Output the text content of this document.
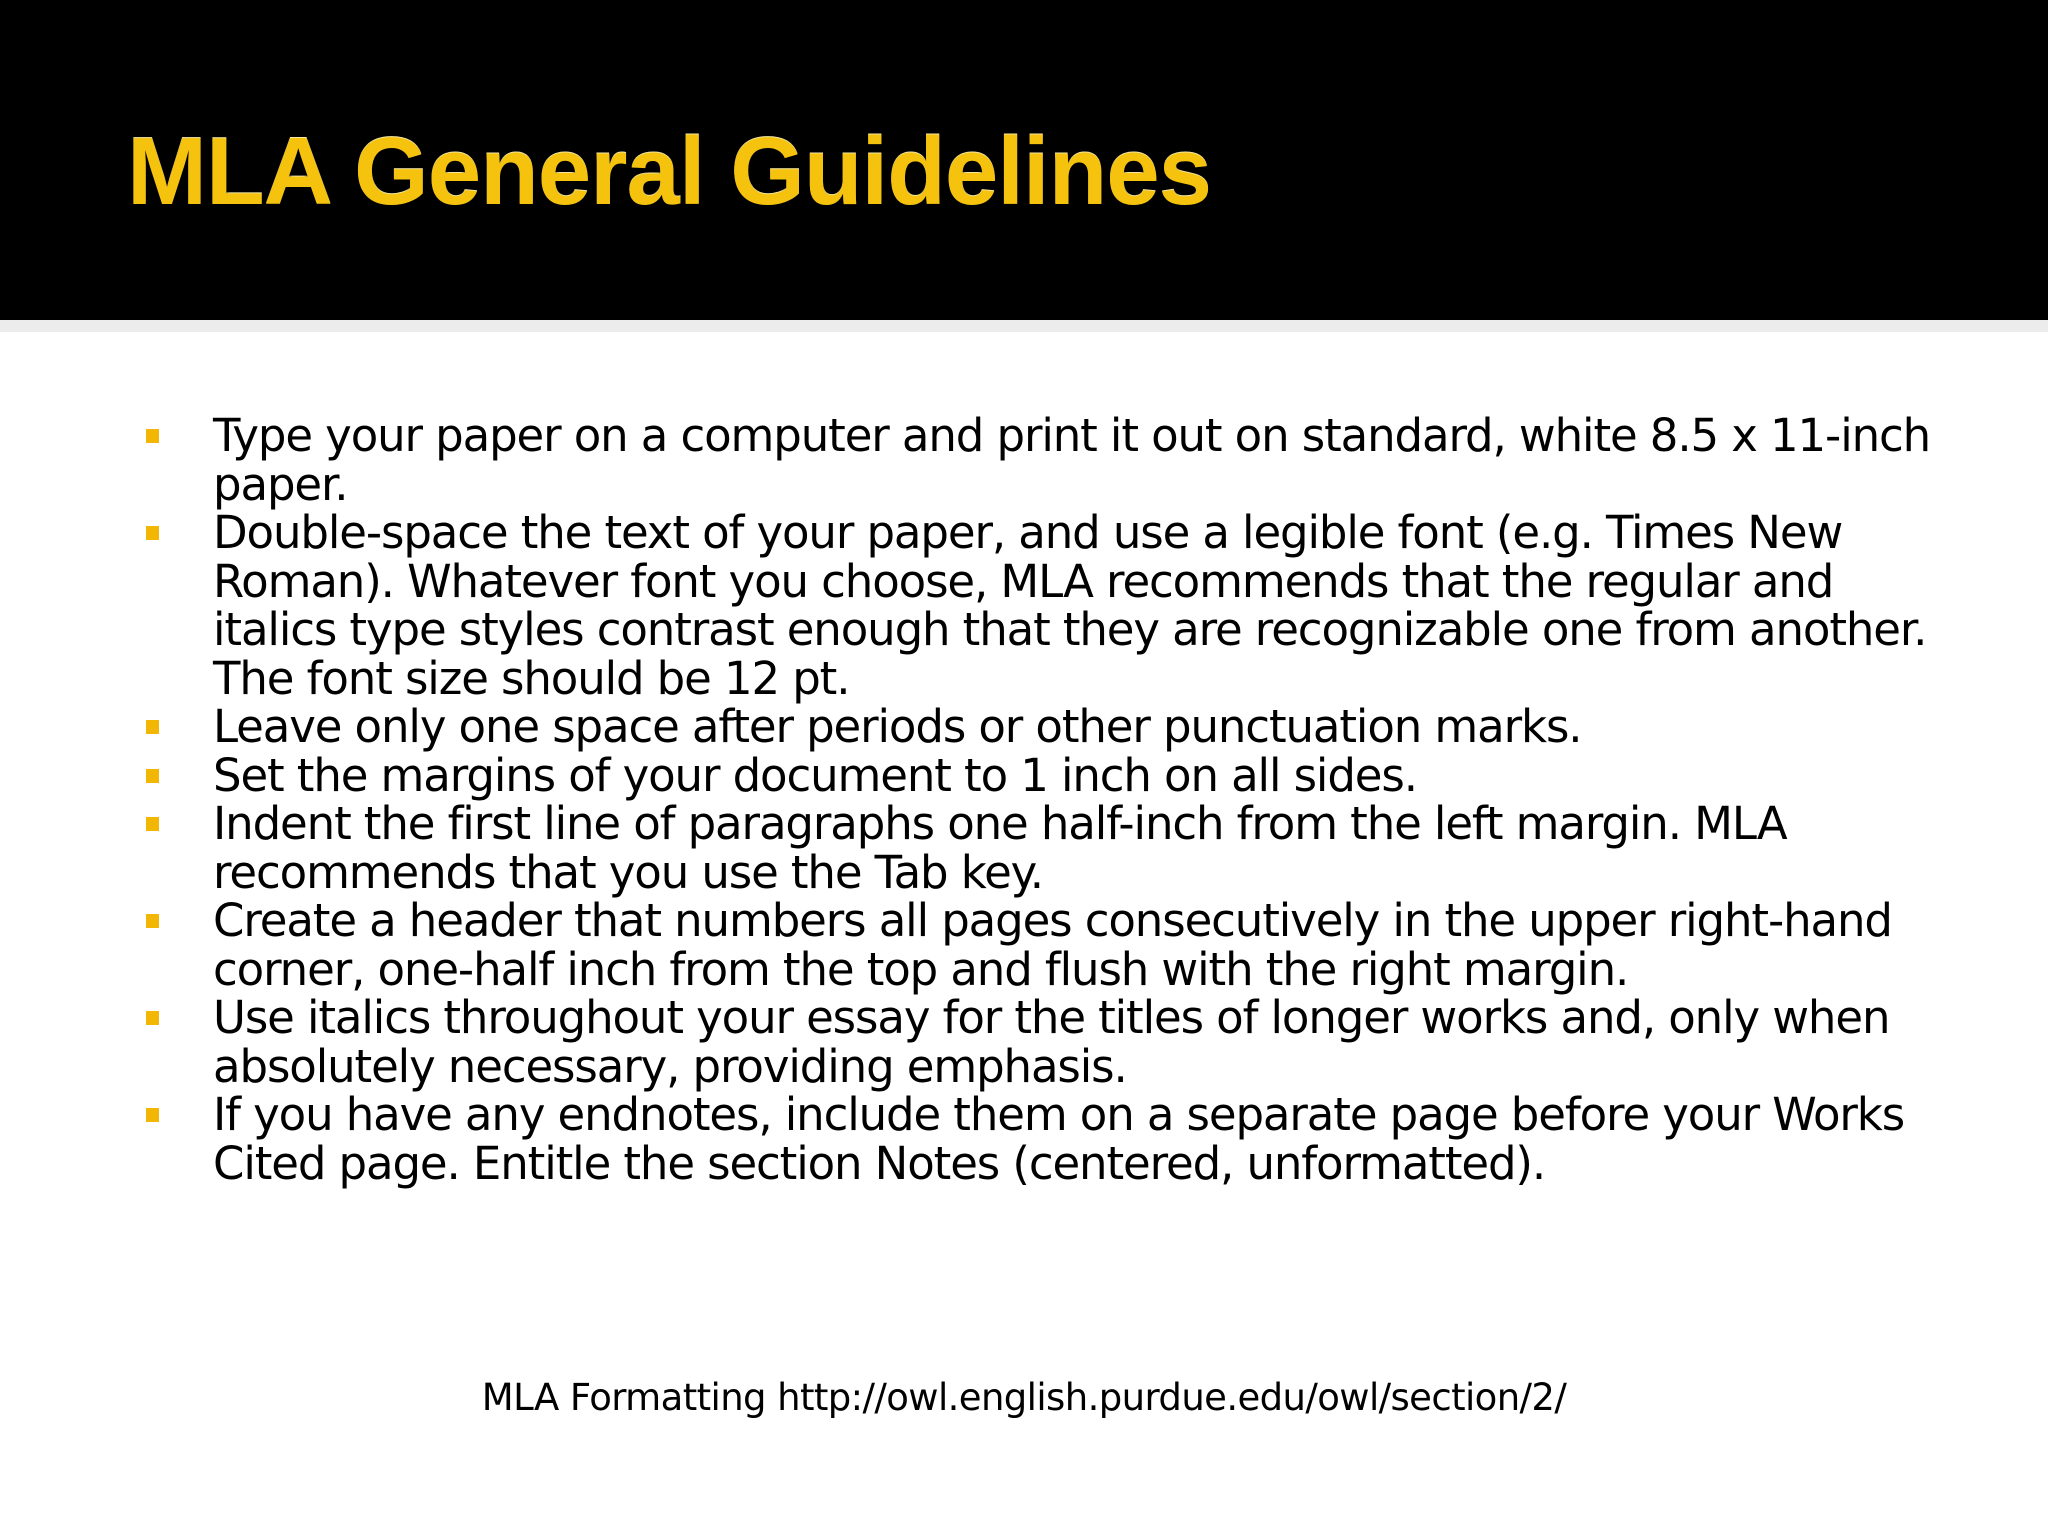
MLA General Guidelines
Type your paper on a computer and print it out on standard, white 8.5 x 11-inch paper.
Double-space the text of your paper, and use a legible font (e.g. Times New Roman). Whatever font you choose, MLA recommends that the regular and italics type styles contrast enough that they are recognizable one from another. The font size should be 12 pt.
Leave only one space after periods or other punctuation marks.
Set the margins of your document to 1 inch on all sides.
Indent the first line of paragraphs one half-inch from the left margin. MLA recommends that you use the Tab key.
Create a header that numbers all pages consecutively in the upper right-hand corner, one-half inch from the top and flush with the right margin.
Use italics throughout your essay for the titles of longer works and, only when absolutely necessary, providing emphasis.
If you have any endnotes, include them on a separate page before your Works Cited page. Entitle the section Notes (centered, unformatted).

MLA Formatting http://owl.english.purdue.edu/owl/section/2/
